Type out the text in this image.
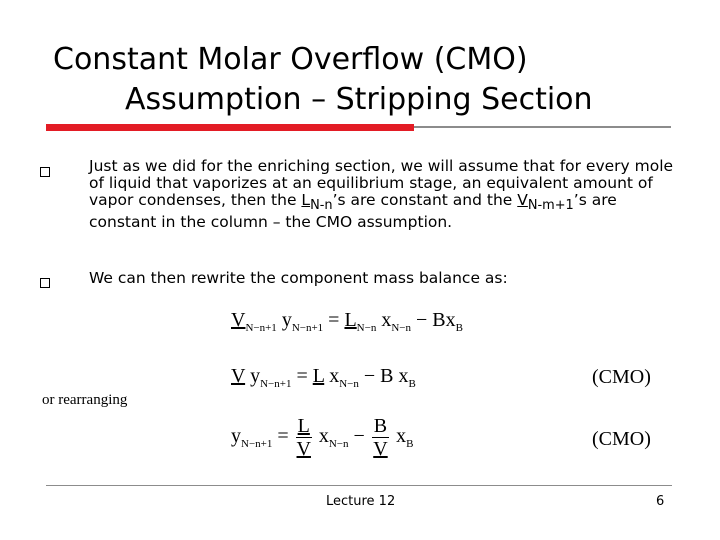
Constant Molar Overflow (CMO)
Assumption – Stripping Section
Just as we did for the enriching section, we will assume that for every mole of liquid that vaporizes at an equilibrium stage, an equivalent amount of vapor condenses, then the $L_{N-n}’s$ are constant and the $V_{N-m+1}’s$ are constant in the column – the CMO assumption.
We can then rewrite the component mass balance as:
$V_{N-n+1}$ $y_{N-n+1} = L_{N-n}$ $x_{N-n} - Bx_B$
V $y_{N-n+1} = L$ $x_{N-n} - B$ $x_B$	(CMO)
or rearranging
$y_{N-n+1} = \frac{L}{V} x_{N-n} - \frac{B}{V} x_B$	(CMO)
Lecture 12	6
